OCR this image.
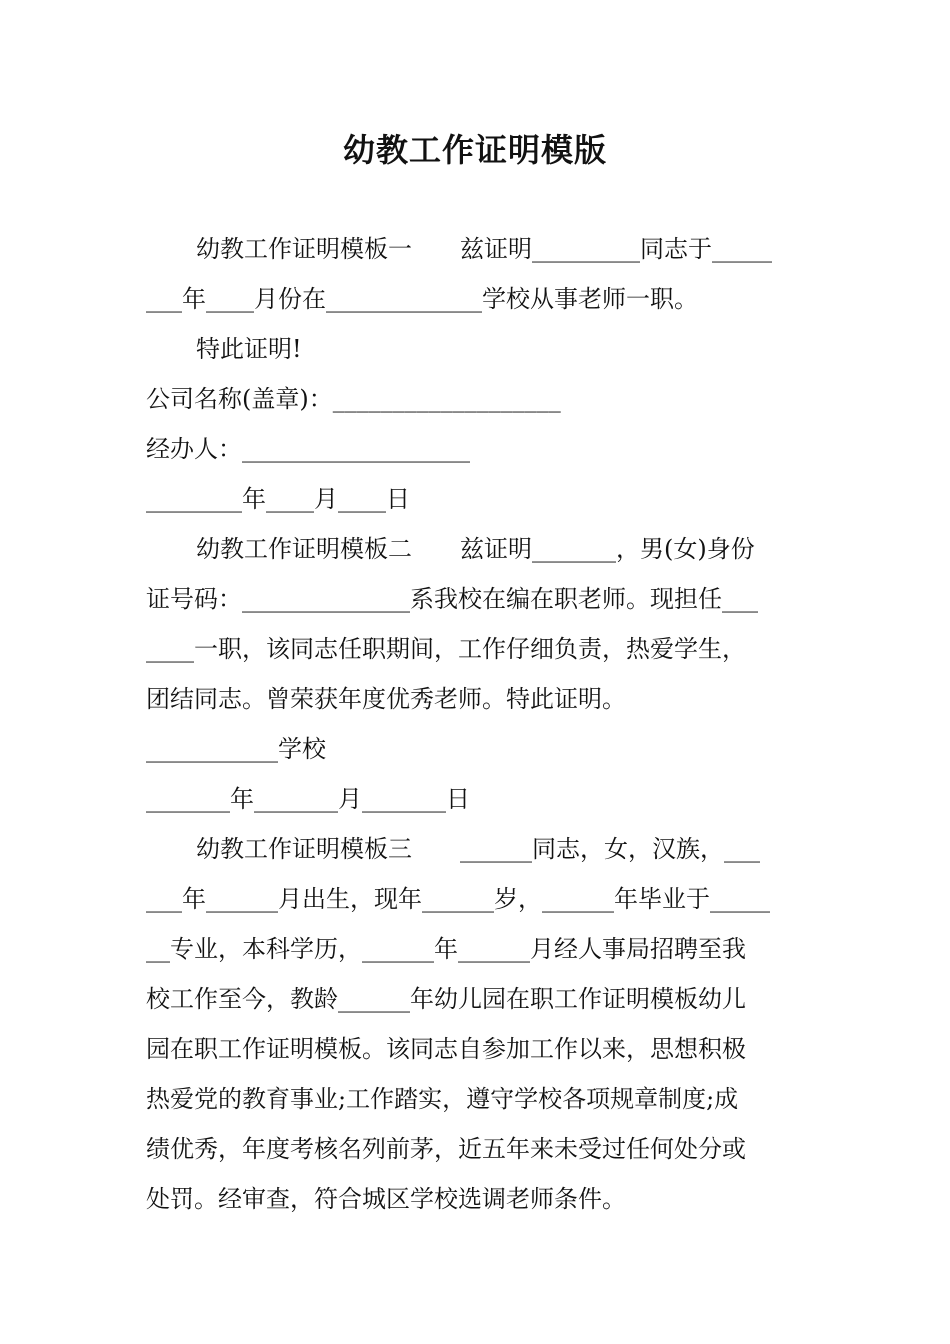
幼教工作证明模版
幼教工作证明模板一　　兹证明_________同志于_____
___年____月份在_____________学校从事老师一职。
特此证明!
公司名称(盖章)：___________________
经办人：___________________
________年____月____日
幼教工作证明模板二　　兹证明_______，男(女)身份
证号码：______________系我校在编在职老师。现担任___
____一职，该同志任职期间，工作仔细负责，热爱学生，
团结同志。曾荣获年度优秀老师。特此证明。
___________学校
_______年_______月_______日
幼教工作证明模板三　　______同志，女，汉族，___
___年______月出生，现年______岁，______年毕业于_____
__专业，本科学历，______年______月经人事局招聘至我
校工作至今，教龄______年幼儿园在职工作证明模板幼儿
园在职工作证明模板。该同志自参加工作以来，思想积极
热爱党的教育事业;工作踏实，遵守学校各项规章制度;成
绩优秀，年度考核名列前茅，近五年来未受过任何处分或
处罚。经审查，符合城区学校选调老师条件。
